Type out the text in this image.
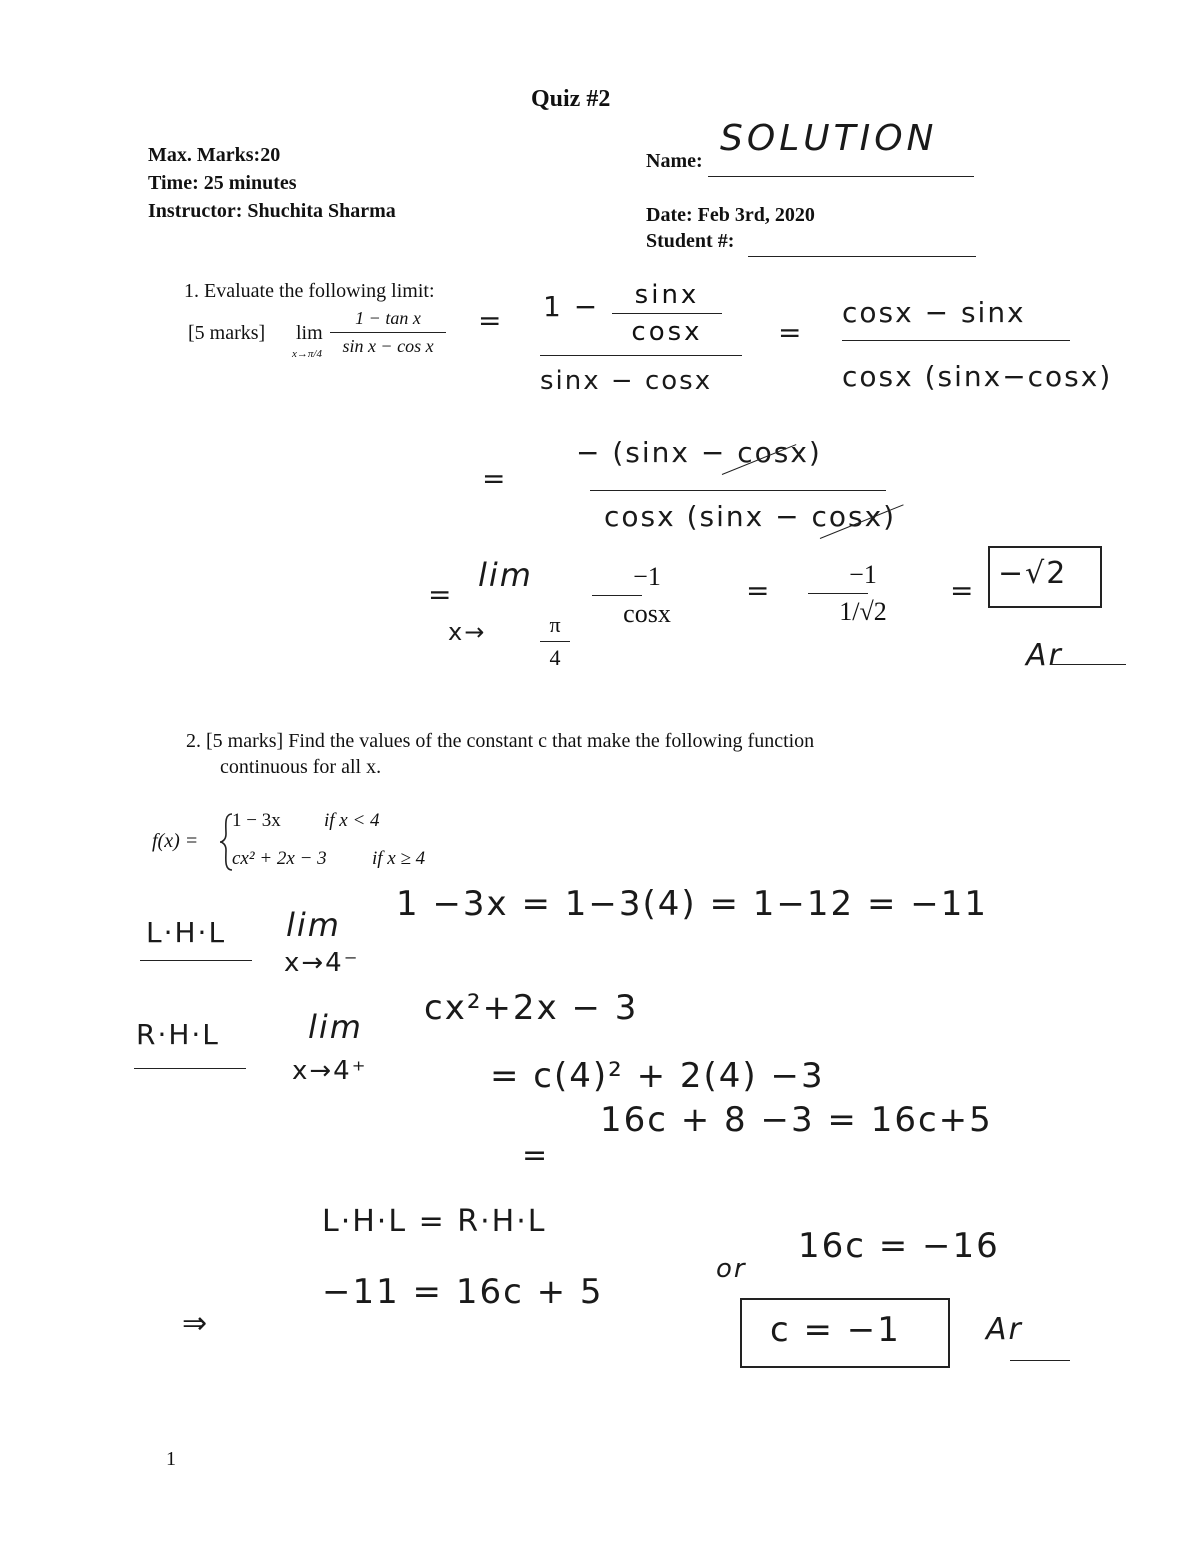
Quiz #2
Max. Marks:20
Time: 25 minutes
Instructor: Shuchita Sharma
Name:
SOLUTION
Date: Feb 3rd, 2020
Student #:
1. Evaluate the following limit:
[5 marks] lim
x→π/4
1 − tan x
sin x − cos x
= 1 − sinx
cosx
sinx − cosx
=
cosx − sinx
cosx (sinx−cosx)
=
− (sinx − cosx)
cosx (sinx − cosx)
=
lim
x→	π
4
−1
cosx
=	−1
1/√2
= −√2
Ar
2. [5 marks] Find the values of the constant c that make the following function
continuous for all x.
f(x) =
1 − 3x if x < 4
cx² + 2x − 3 if x ≥ 4
L·H·L lim
x→4⁻
1 −3x = 1−3(4) = 1−12 = −11
R·H·L	lim
x→4⁺
cx²+2x − 3
= c(4)² + 2(4) −3
=
16c + 8 −3 = 16c+5
L·H·L = R·H·L
⇒
−11 = 16c + 5
or
16c = −16
c = −1	Ar
1
